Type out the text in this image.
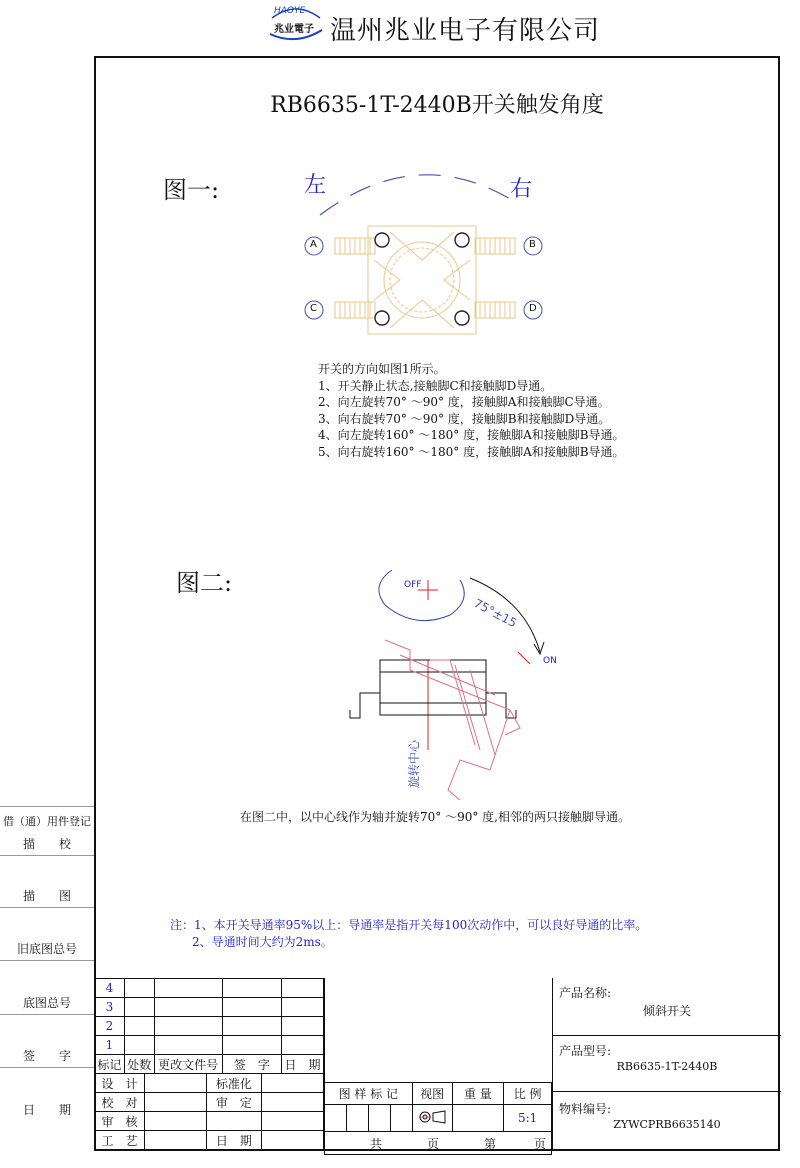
HAOYE
兆业電子 温州兆业电子有限公司
RB6635-1T-2440B开关触发角度
图一:	左	右
A	B
C	D

开关的方向如图1所示。

1、开关静止状态,接触脚C和接触脚D导通。

2、向左旋转70° ～90° 度，接触脚A和接触脚C导通。

3、向右旋转70° ～90° 度，接触脚B和接触脚D导通。

4、向左旋转160° ～180° 度，接触脚A和接触脚B导通。

5、向右旋转160° ～180° 度，接触脚A和接触脚B导通。

图二:	OFF
ON
75°±15
旋转中心
在图二中，以中心线作为轴并旋转70° ～90° 度,相邻的两只接触脚导通。
注：1、本开关导通率95%以上：导通率是指开关每100次动作中，可以良好导通的比率。
2、导通时间大约为2ms。
借（通）用件登记
描　　校
描　　图
旧底图总号
底图总号
签　　字
日　　期
4				
3				
2				
1				
标记	处数	更改文件号	签　字	日　期
设　计		标准化	
校　对		审　定	
审　核			
工　艺		日　期	
图 样 标 记	视图	重 量	比 例

			5:1

共 页 第 页			
产品名称:
倾斜开关
产品型号:
RB6635-1T-2440B
物料编号:
ZYWCPRB6635140
